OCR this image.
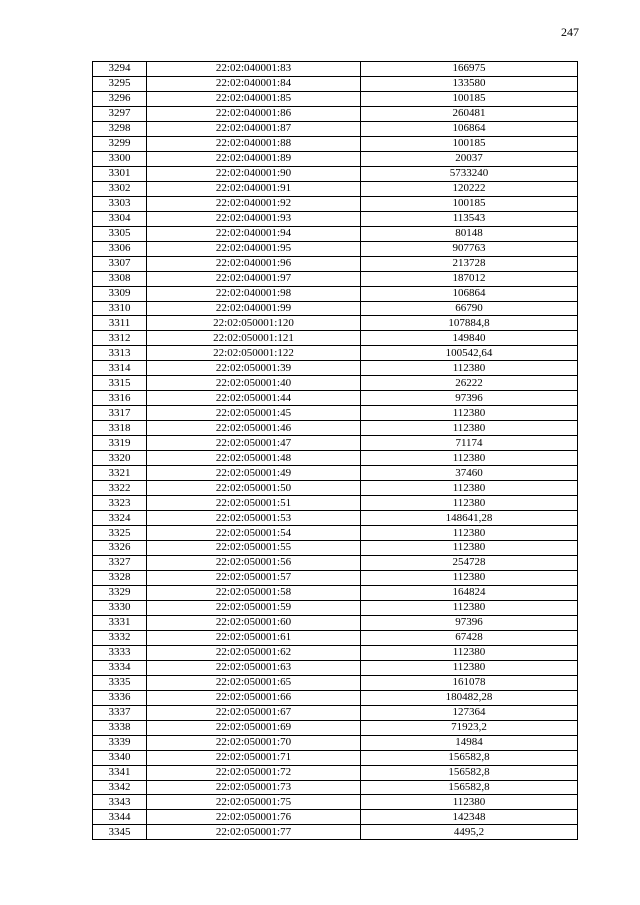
247
3294	22:02:040001:83	166975
3295	22:02:040001:84	133580
3296	22:02:040001:85	100185
3297	22:02:040001:86	260481
3298	22:02:040001:87	106864
3299	22:02:040001:88	100185
3300	22:02:040001:89	20037
3301	22:02:040001:90	5733240
3302	22:02:040001:91	120222
3303	22:02:040001:92	100185
3304	22:02:040001:93	113543
3305	22:02:040001:94	80148
3306	22:02:040001:95	907763
3307	22:02:040001:96	213728
3308	22:02:040001:97	187012
3309	22:02:040001:98	106864
3310	22:02:040001:99	66790
3311	22:02:050001:120	107884,8
3312	22:02:050001:121	149840
3313	22:02:050001:122	100542,64
3314	22:02:050001:39	112380
3315	22:02:050001:40	26222
3316	22:02:050001:44	97396
3317	22:02:050001:45	112380
3318	22:02:050001:46	112380
3319	22:02:050001:47	71174
3320	22:02:050001:48	112380
3321	22:02:050001:49	37460
3322	22:02:050001:50	112380
3323	22:02:050001:51	112380
3324	22:02:050001:53	148641,28
3325	22:02:050001:54	112380
3326	22:02:050001:55	112380
3327	22:02:050001:56	254728
3328	22:02:050001:57	112380
3329	22:02:050001:58	164824
3330	22:02:050001:59	112380
3331	22:02:050001:60	97396
3332	22:02:050001:61	67428
3333	22:02:050001:62	112380
3334	22:02:050001:63	112380
3335	22:02:050001:65	161078
3336	22:02:050001:66	180482,28
3337	22:02:050001:67	127364
3338	22:02:050001:69	71923,2
3339	22:02:050001:70	14984
3340	22:02:050001:71	156582,8
3341	22:02:050001:72	156582,8
3342	22:02:050001:73	156582,8
3343	22:02:050001:75	112380
3344	22:02:050001:76	142348
3345	22:02:050001:77	4495,2
